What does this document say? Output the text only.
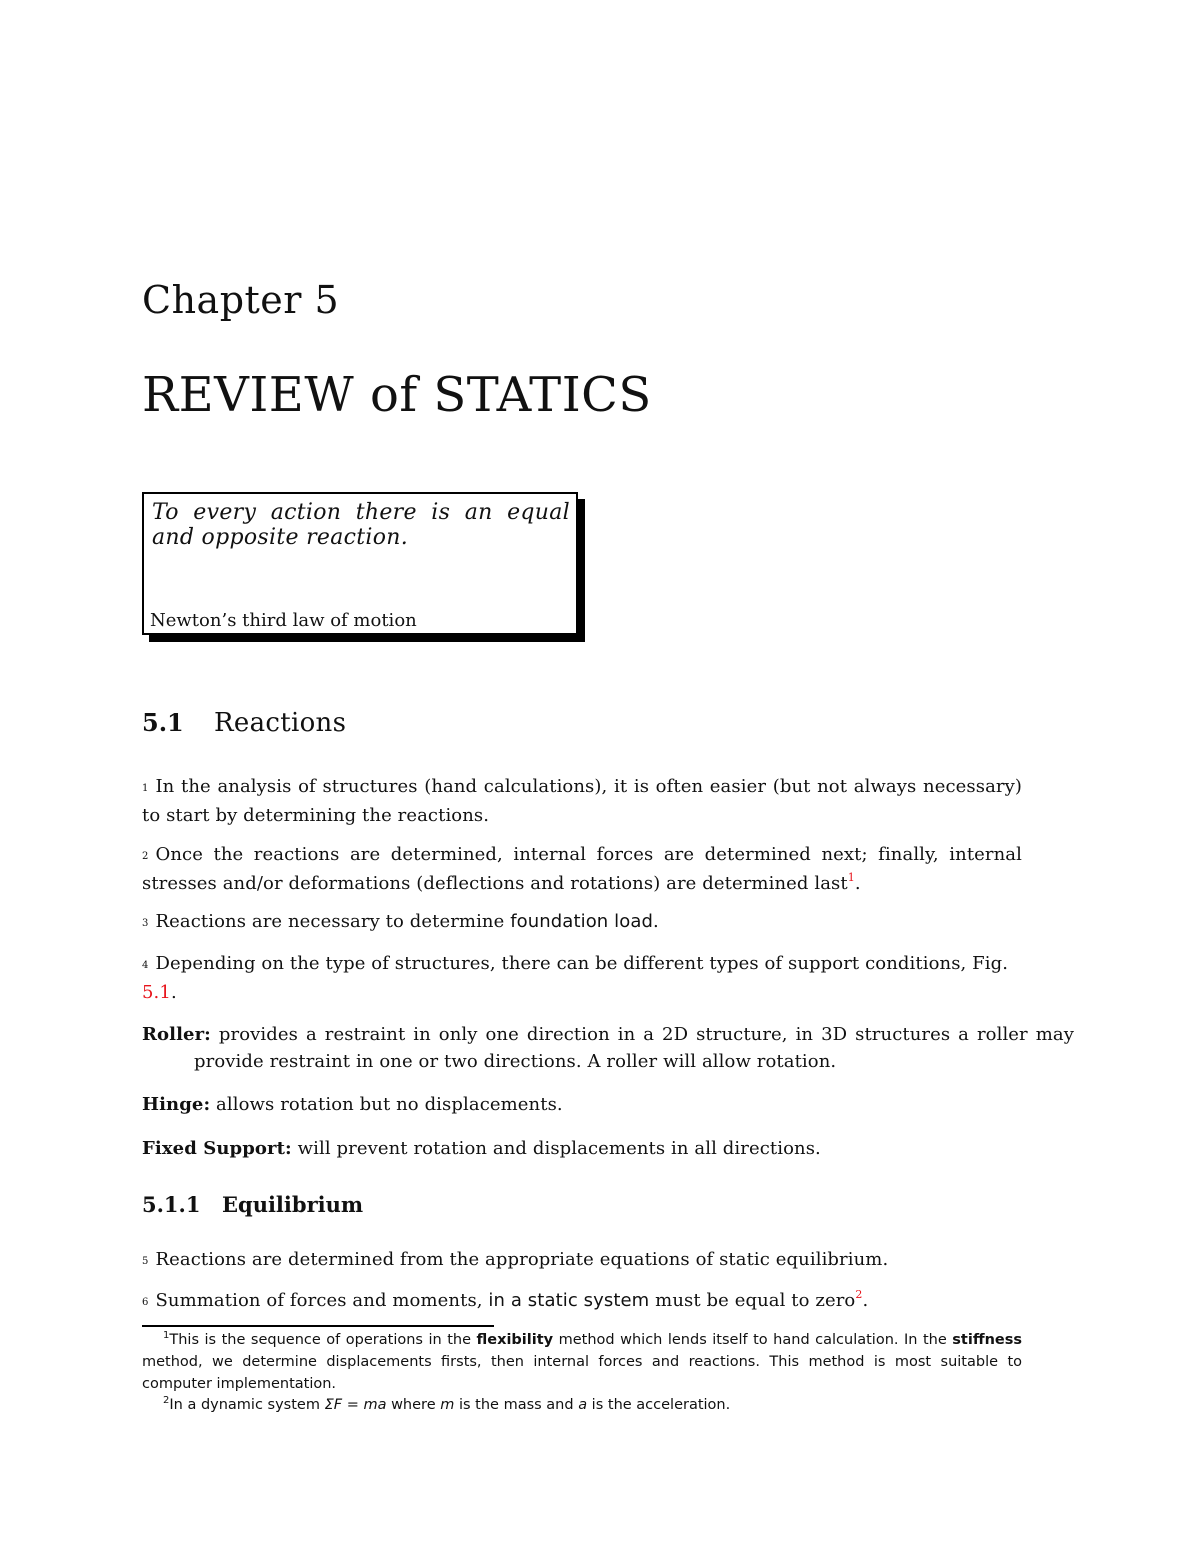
Chapter 5
REVIEW of STATICS
To every action there is an equal and opposite reaction.
Newton’s third law of motion
5.1 Reactions
1 In the analysis of structures (hand calculations), it is often easier (but not always necessary) to start by determining the reactions.
2 Once the reactions are determined, internal forces are determined next; finally, internal stresses and/or deformations (deflections and rotations) are determined last$^1$.
3 Reactions are necessary to determine foundation load.
4 Depending on the type of structures, there can be different types of support conditions, Fig.
5.1.
Roller: provides a restraint in only one direction in a 2D structure, in 3D structures a roller may provide restraint in one or two directions. A roller will allow rotation.
Hinge: allows rotation but no displacements.
Fixed Support: will prevent rotation and displacements in all directions.
5.1.1 Equilibrium
5 Reactions are determined from the appropriate equations of static equilibrium.
6 Summation of forces and moments, in a static system must be equal to zero$^2$.
$^1$This is the sequence of operations in the flexibility method which lends itself to hand calculation. In the stiffness method, we determine displacements firsts, then internal forces and reactions. This method is most suitable to computer implementation.
$^2$In a dynamic system ΣF = ma where m is the mass and a is the acceleration.
